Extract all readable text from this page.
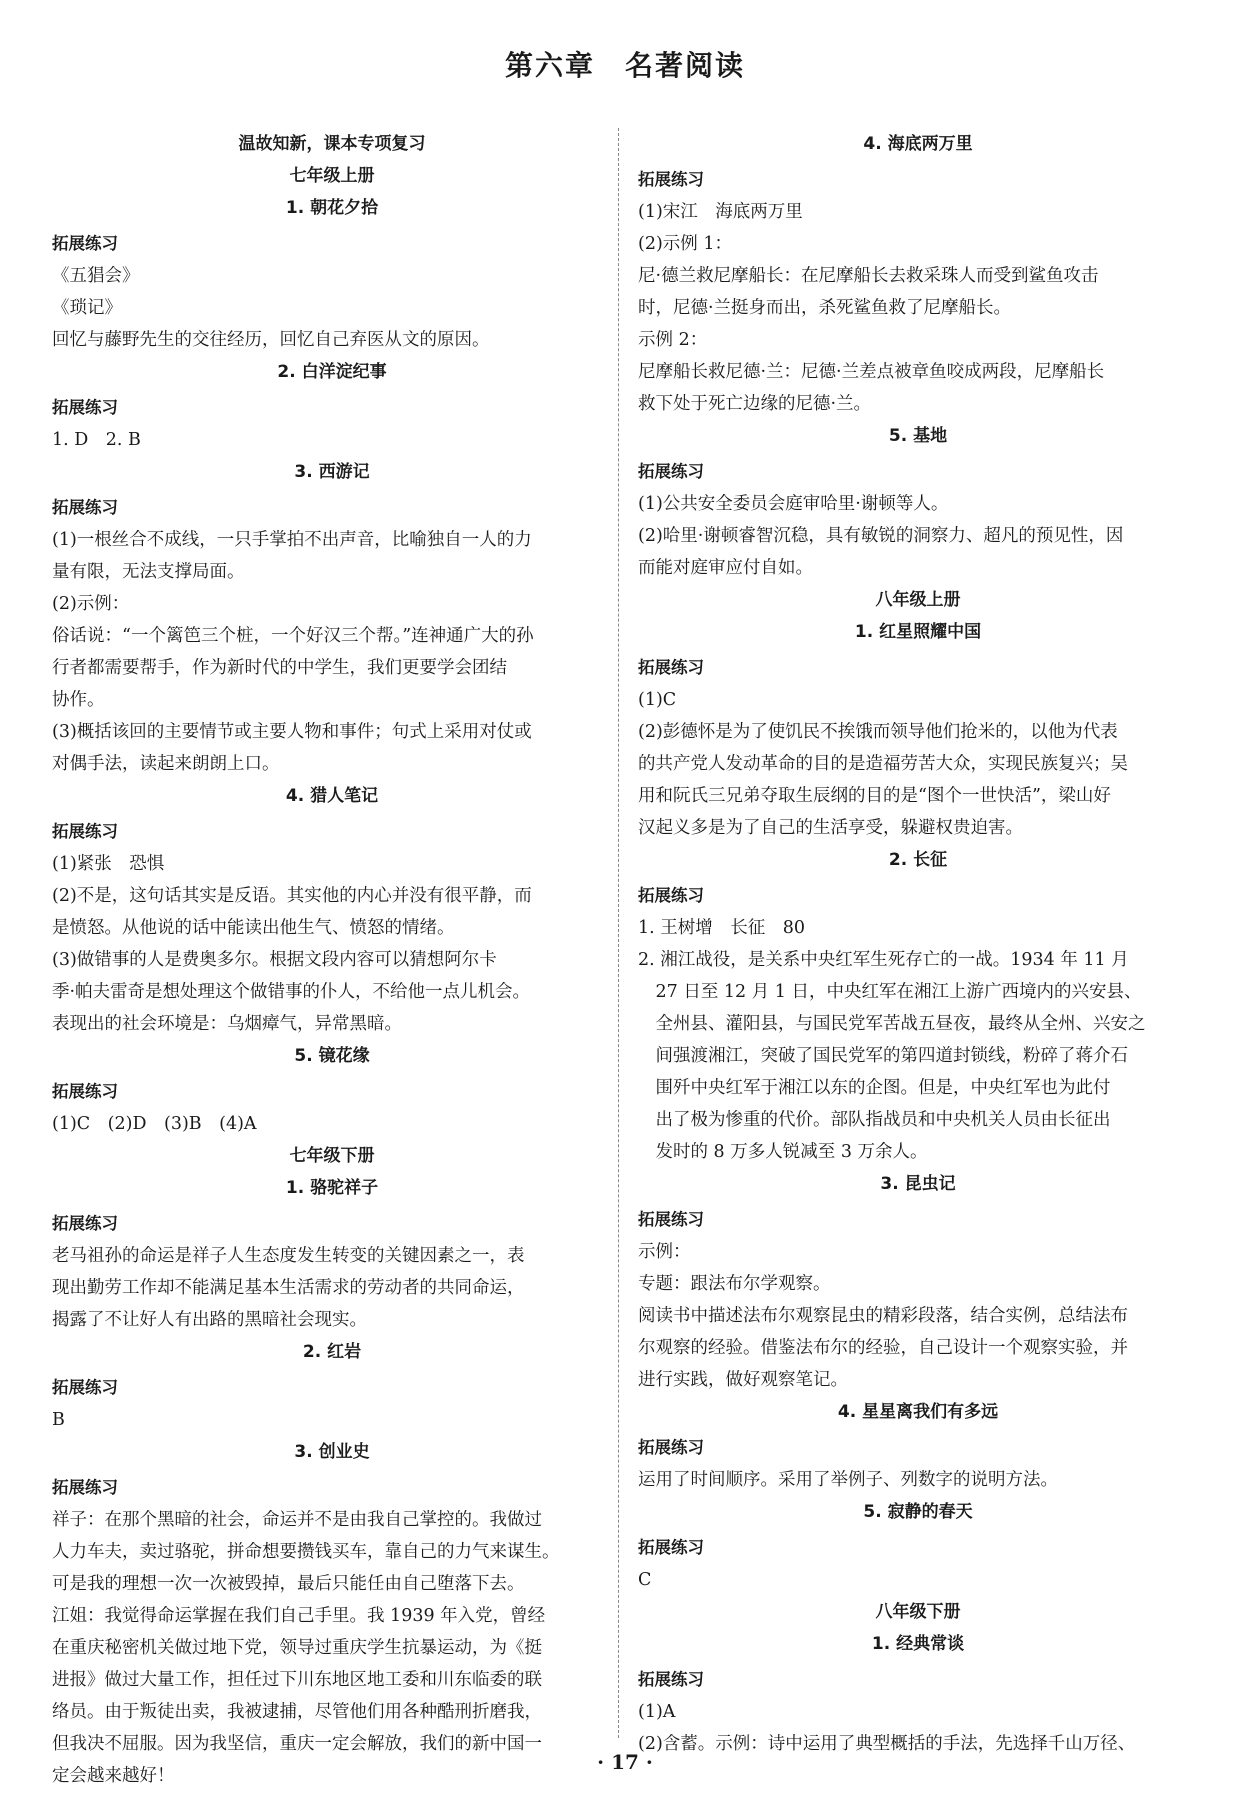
第六章　名著阅读

温故知新，课本专项复习

七年级上册

1. 朝花夕拾

拓展练习

《五猖会》

《琐记》

回忆与藤野先生的交往经历，回忆自己弃医从文的原因。

2. 白洋淀纪事

拓展练习

1. D　2. B

3. 西游记

拓展练习

(1)一根丝合不成线，一只手掌拍不出声音，比喻独自一人的力

量有限，无法支撑局面。

(2)示例：

俗话说：“一个篱笆三个桩，一个好汉三个帮。”连神通广大的孙

行者都需要帮手，作为新时代的中学生，我们更要学会团结

协作。

(3)概括该回的主要情节或主要人物和事件；句式上采用对仗或

对偶手法，读起来朗朗上口。

4. 猎人笔记

拓展练习

(1)紧张　恐惧

(2)不是，这句话其实是反语。其实他的内心并没有很平静，而

是愤怒。从他说的话中能读出他生气、愤怒的情绪。

(3)做错事的人是费奥多尔。根据文段内容可以猜想阿尔卡

季·帕夫雷奇是想处理这个做错事的仆人，不给他一点儿机会。

表现出的社会环境是：乌烟瘴气，异常黑暗。

5. 镜花缘

拓展练习

(1)C　(2)D　(3)B　(4)A

七年级下册

1. 骆驼祥子

拓展练习

老马祖孙的命运是祥子人生态度发生转变的关键因素之一，表

现出勤劳工作却不能满足基本生活需求的劳动者的共同命运，

揭露了不让好人有出路的黑暗社会现实。

2. 红岩

拓展练习

B

3. 创业史

拓展练习

祥子：在那个黑暗的社会，命运并不是由我自己掌控的。我做过

人力车夫，卖过骆驼，拼命想要攒钱买车，靠自己的力气来谋生。

可是我的理想一次一次被毁掉，最后只能任由自己堕落下去。

江姐：我觉得命运掌握在我们自己手里。我 1939 年入党，曾经

在重庆秘密机关做过地下党，领导过重庆学生抗暴运动，为《挺

进报》做过大量工作，担任过下川东地区地工委和川东临委的联

络员。由于叛徒出卖，我被逮捕，尽管他们用各种酷刑折磨我，

但我决不屈服。因为我坚信，重庆一定会解放，我们的新中国一

定会越来越好！

4. 海底两万里

拓展练习

(1)宋江　海底两万里

(2)示例 1：

尼·德兰救尼摩船长：在尼摩船长去救采珠人而受到鲨鱼攻击

时，尼德·兰挺身而出，杀死鲨鱼救了尼摩船长。

示例 2：

尼摩船长救尼德·兰：尼德·兰差点被章鱼咬成两段，尼摩船长

救下处于死亡边缘的尼德·兰。

5. 基地

拓展练习

(1)公共安全委员会庭审哈里·谢顿等人。

(2)哈里·谢顿睿智沉稳，具有敏锐的洞察力、超凡的预见性，因

而能对庭审应付自如。

八年级上册

1. 红星照耀中国

拓展练习

(1)C

(2)彭德怀是为了使饥民不挨饿而领导他们抢米的，以他为代表

的共产党人发动革命的目的是造福劳苦大众，实现民族复兴；吴

用和阮氏三兄弟夺取生辰纲的目的是“图个一世快活”，梁山好

汉起义多是为了自己的生活享受，躲避权贵迫害。

2. 长征

拓展练习

1. 王树增　长征　80

2. 湘江战役，是关系中央红军生死存亡的一战。1934 年 11 月

　27 日至 12 月 1 日，中央红军在湘江上游广西境内的兴安县、

　全州县、灌阳县，与国民党军苦战五昼夜，最终从全州、兴安之

　间强渡湘江，突破了国民党军的第四道封锁线，粉碎了蒋介石

　围歼中央红军于湘江以东的企图。但是，中央红军也为此付

　出了极为惨重的代价。部队指战员和中央机关人员由长征出

　发时的 8 万多人锐减至 3 万余人。

3. 昆虫记

拓展练习

示例：

专题：跟法布尔学观察。

阅读书中描述法布尔观察昆虫的精彩段落，结合实例，总结法布

尔观察的经验。借鉴法布尔的经验，自己设计一个观察实验，并

进行实践，做好观察笔记。

4. 星星离我们有多远

拓展练习

运用了时间顺序。采用了举例子、列数字的说明方法。

5. 寂静的春天

拓展练习

C

八年级下册

1. 经典常谈

拓展练习

(1)A

(2)含蓄。示例：诗中运用了典型概括的手法，先选择千山万径、

· 17 ·
